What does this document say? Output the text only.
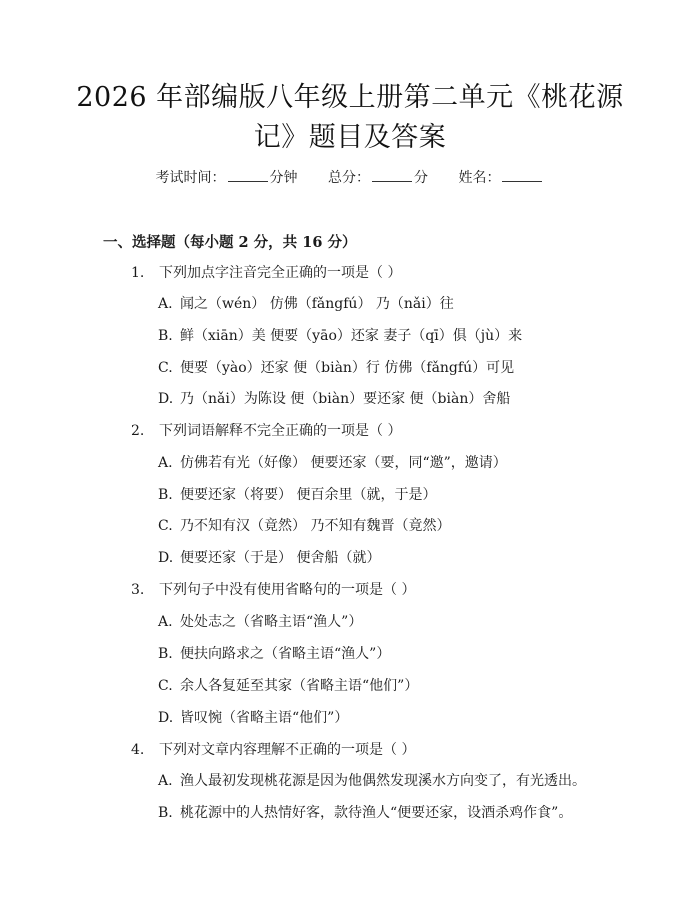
2026 年部编版八年级上册第二单元《桃花源
记》题目及答案
考试时间：	分钟 总分：	分 姓名：
一、选择题（每小题 2 分，共 16 分）
1. 下列加点字注音完全正确的一项是（ ）
A. 闻之（wén） 仿佛（fǎngfú） 乃（nǎi）往
B. 鲜（xiān）美 便要（yāo）还家 妻子（qī）俱（jù）来
C. 便要（yào）还家 便（biàn）行 仿佛（fǎngfú）可见
D. 乃（nǎi）为陈设 便（biàn）要还家 便（biàn）舍船
2. 下列词语解释不完全正确的一项是（ ）
A. 仿佛若有光（好像） 便要还家（要，同“邀”，邀请）
B. 便要还家（将要） 便百余里（就，于是）
C. 乃不知有汉（竟然） 乃不知有魏晋（竟然）
D. 便要还家（于是） 便舍船（就）
3. 下列句子中没有使用省略句的一项是（ ）
A. 处处志之（省略主语“渔人”）
B. 便扶向路求之（省略主语“渔人”）
C. 余人各复延至其家（省略主语“他们”）
D. 皆叹惋（省略主语“他们”）
4. 下列对文章内容理解不正确的一项是（ ）
A. 渔人最初发现桃花源是因为他偶然发现溪水方向变了，有光透出。
B. 桃花源中的人热情好客，款待渔人“便要还家，设酒杀鸡作食”。
